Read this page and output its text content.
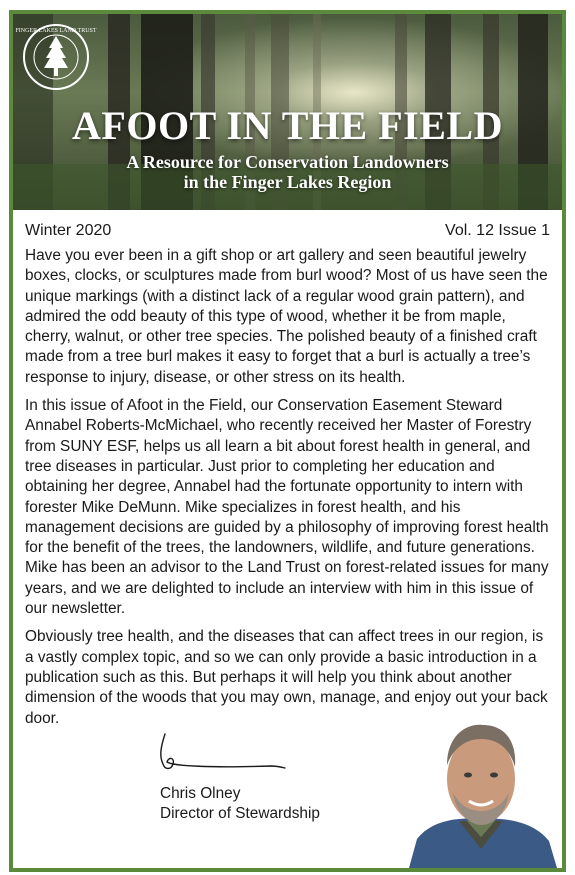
FINGER LAKES LAND TRUST
AFOOT IN THE FIELD
A Resource for Conservation Landowners
in the Finger Lakes Region
Winter 2020	Vol. 12 Issue 1

Have you ever been in a gift shop or art gallery and seen beautiful jewelry boxes, clocks, or sculptures made from burl wood? Most of us have seen the unique markings (with a distinct lack of a regular wood grain pattern), and admired the odd beauty of this type of wood, whether it be from maple, cherry, walnut, or other tree species. The polished beauty of a finished craft made from a tree burl makes it easy to forget that a burl is actually a tree’s response to injury, disease, or other stress on its health.

In this issue of Afoot in the Field, our Conservation Easement Steward Annabel Roberts-McMichael, who recently received her Master of Forestry from SUNY ESF, helps us all learn a bit about forest health in general, and tree diseases in particular. Just prior to completing her education and obtaining her degree, Annabel had the fortunate opportunity to intern with forester Mike DeMunn. Mike specializes in forest health, and his management decisions are guided by a philosophy of improving forest health for the benefit of the trees, the landowners, wildlife, and future generations. Mike has been an advisor to the Land Trust on forest-related issues for many years, and we are delighted to include an interview with him in this issue of our newsletter.

Obviously tree health, and the diseases that can affect trees in our region, is a vastly complex topic, and so we can only provide a basic introduction in a publication such as this. But perhaps it will help you think about another dimension of the woods that you may own, manage, and enjoy out your back door.

Chris Olney
Director of Stewardship
